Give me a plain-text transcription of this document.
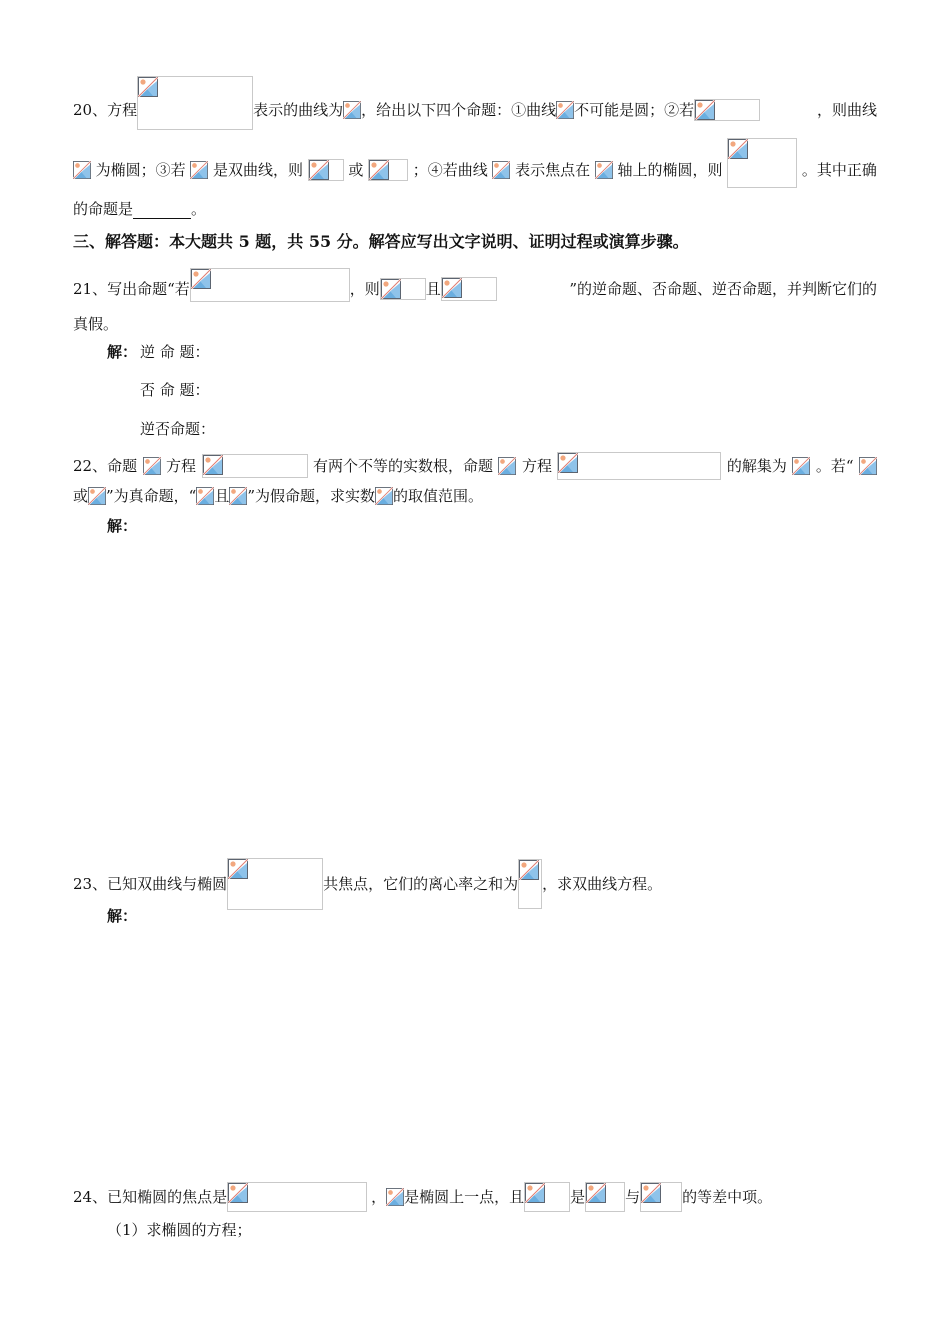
20、方程	表示的曲线为 ，给出以下四个命题：①曲线 不可能是圆；②若	，则曲线
为椭圆；③若 是双曲线，则	或	；④若曲线 表示焦点在 轴上的椭圆，则	。其中正确
的命题是	。
三、解答题：本大题共 5 题，共 55 分。解答应写出文字说明、证明过程或演算步骤。
21、写出命题“若	，则	且	”的逆命题、否命题、逆否命题，并判断它们的
真假。
解： 逆 命 题：
否 命 题：
逆否命题：
22、命题 方程	有两个不等的实数根，命题 方程	的解集为 。若“
或 ”为真命题，“ 且 ”为假命题，求实数 的取值范围。
解：
23、已知双曲线与椭圆	共焦点，它们的离心率之和为 ，求双曲线方程。
解：
24、已知椭圆的焦点是	， 是椭圆上一点，且	是	与	的等差中项。
（1）求椭圆的方程；
